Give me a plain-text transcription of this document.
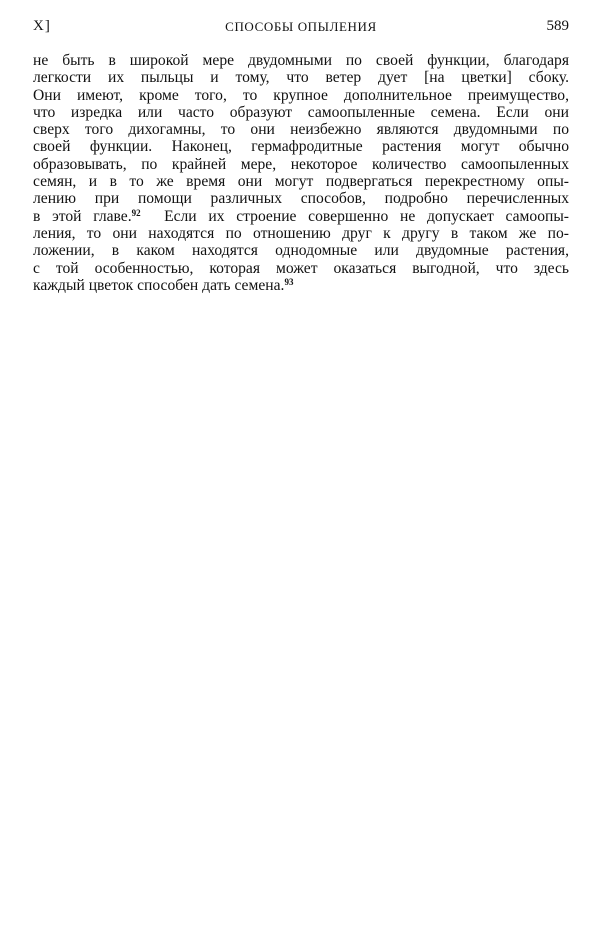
X]	СПОСОБЫ ОПЫЛЕНИЯ	589
не быть в широкой мере двудомными по своей функции, благодаря
легкости их пыльцы и тому, что ветер дует [на цветки] сбоку.
Они имеют, кроме того, то крупное дополнительное преимущество,
что изредка или часто образуют самоопыленные семена. Если они
сверх того дихогамны, то они неизбежно являются двудомными по
своей функции. Наконец, гермафродитные растения могут обычно
образовывать, по крайней мере, некоторое количество самоопыленных
семян, и в то же время они могут подвергаться перекрестному опы-
лению при помощи различных способов, подробно перечисленных
в этой главе.$^{92}$ Если их строение совершенно не допускает самоопы-
ления, то они находятся по отношению друг к другу в таком же по-
ложении, в каком находятся однодомные или двудомные растения,
с той особенностью, которая может оказаться выгодной, что здесь
каждый цветок способен дать семена.$^{93}$
